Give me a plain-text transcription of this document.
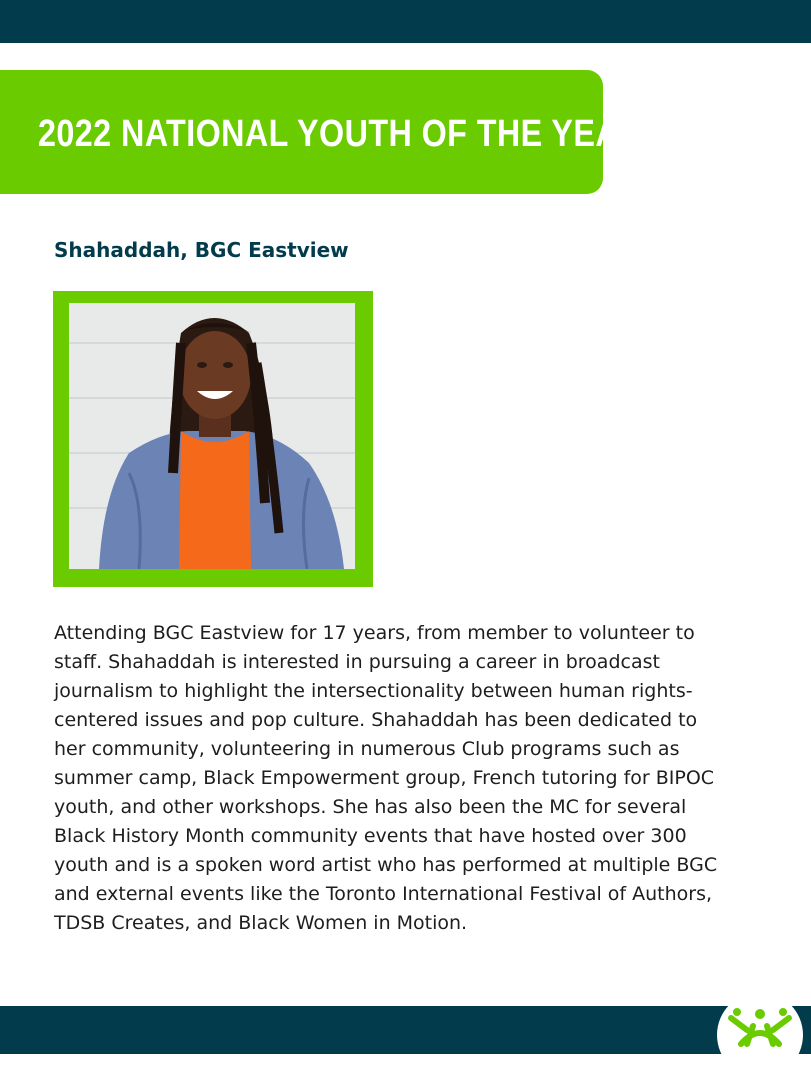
2022 NATIONAL YOUTH OF THE YEAR
Shahaddah, BGC Eastview
Attending BGC Eastview for 17 years, from member to volunteer to
staff. Shahaddah is interested in pursuing a career in broadcast
journalism to highlight the intersectionality between human rights-
centered issues and pop culture. Shahaddah has been dedicated to
her community, volunteering in numerous Club programs such as
summer camp, Black Empowerment group, French tutoring for BIPOC
youth, and other workshops. She has also been the MC for several
Black History Month community events that have hosted over 300
youth and is a spoken word artist who has performed at multiple BGC
and external events like the Toronto International Festival of Authors,
TDSB Creates, and Black Women in Motion.
